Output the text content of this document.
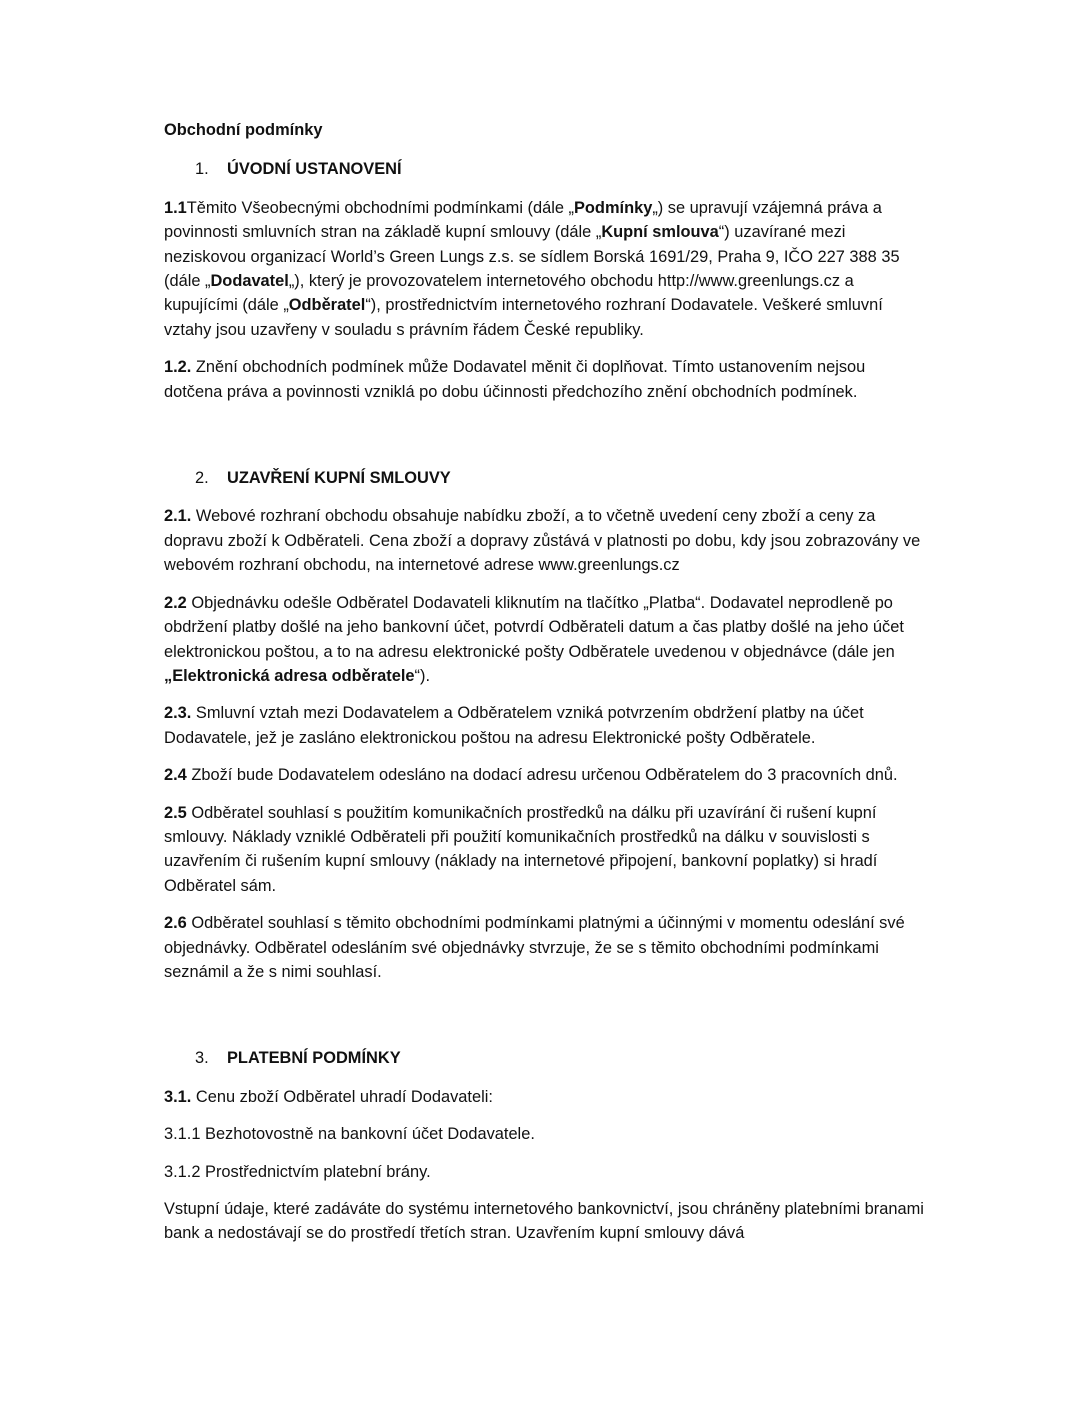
Obchodní podmínky
1. ÚVODNÍ USTANOVENÍ

1.1Těmito Všeobecnými obchodními podmínkami (dále „Podmínky„) se upravují vzájemná práva a povinnosti smluvních stran na základě kupní smlouvy (dále „Kupní smlouva“) uzavírané mezi neziskovou organizací World’s Green Lungs z.s. se sídlem Borská 1691/29, Praha 9, IČO 227 388 35 (dále „Dodavatel„), který je provozovatelem internetového obchodu http://www.greenlungs.cz a kupujícími (dále „Odběratel“), prostřednictvím internetového rozhraní Dodavatele. Veškeré smluvní vztahy jsou uzavřeny v souladu s právním řádem České republiky.

1.2. Znění obchodních podmínek může Dodavatel měnit či doplňovat. Tímto ustanovením nejsou dotčena práva a povinnosti vzniklá po dobu účinnosti předchozího znění obchodních podmínek.

2. UZAVŘENÍ KUPNÍ SMLOUVY

2.1. Webové rozhraní obchodu obsahuje nabídku zboží, a to včetně uvedení ceny zboží a ceny za dopravu zboží k Odběrateli. Cena zboží a dopravy zůstává v platnosti po dobu, kdy jsou zobrazovány ve webovém rozhraní obchodu, na internetové adrese www.greenlungs.cz

2.2 Objednávku odešle Odběratel Dodavateli kliknutím na tlačítko „Platba“. Dodavatel neprodleně po obdržení platby došlé na jeho bankovní účet, potvrdí Odběrateli datum a čas platby došlé na jeho účet elektronickou poštou, a to na adresu elektronické pošty Odběratele uvedenou v objednávce (dále jen „Elektronická adresa odběratele“).

2.3. Smluvní vztah mezi Dodavatelem a Odběratelem vzniká potvrzením obdržení platby na účet Dodavatele, jež je zasláno elektronickou poštou na adresu Elektronické pošty Odběratele.

2.4 Zboží bude Dodavatelem odesláno na dodací adresu určenou Odběratelem do 3 pracovních dnů.

2.5 Odběratel souhlasí s použitím komunikačních prostředků na dálku při uzavírání či rušení kupní smlouvy. Náklady vzniklé Odběrateli při použití komunikačních prostředků na dálku v souvislosti s uzavřením či rušením kupní smlouvy (náklady na internetové připojení, bankovní poplatky) si hradí Odběratel sám.

2.6 Odběratel souhlasí s těmito obchodními podmínkami platnými a účinnými v momentu odeslání své objednávky. Odběratel odesláním své objednávky stvrzuje, že se s těmito obchodními podmínkami seznámil a že s nimi souhlasí.

3. PLATEBNÍ PODMÍNKY

3.1. Cenu zboží Odběratel uhradí Dodavateli:

3.1.1 Bezhotovostně na bankovní účet Dodavatele.

3.1.2 Prostřednictvím platební brány.

Vstupní údaje, které zadáváte do systému internetového bankovnictví, jsou chráněny platebními branami bank a nedostávají se do prostředí třetích stran. Uzavřením kupní smlouvy dává
